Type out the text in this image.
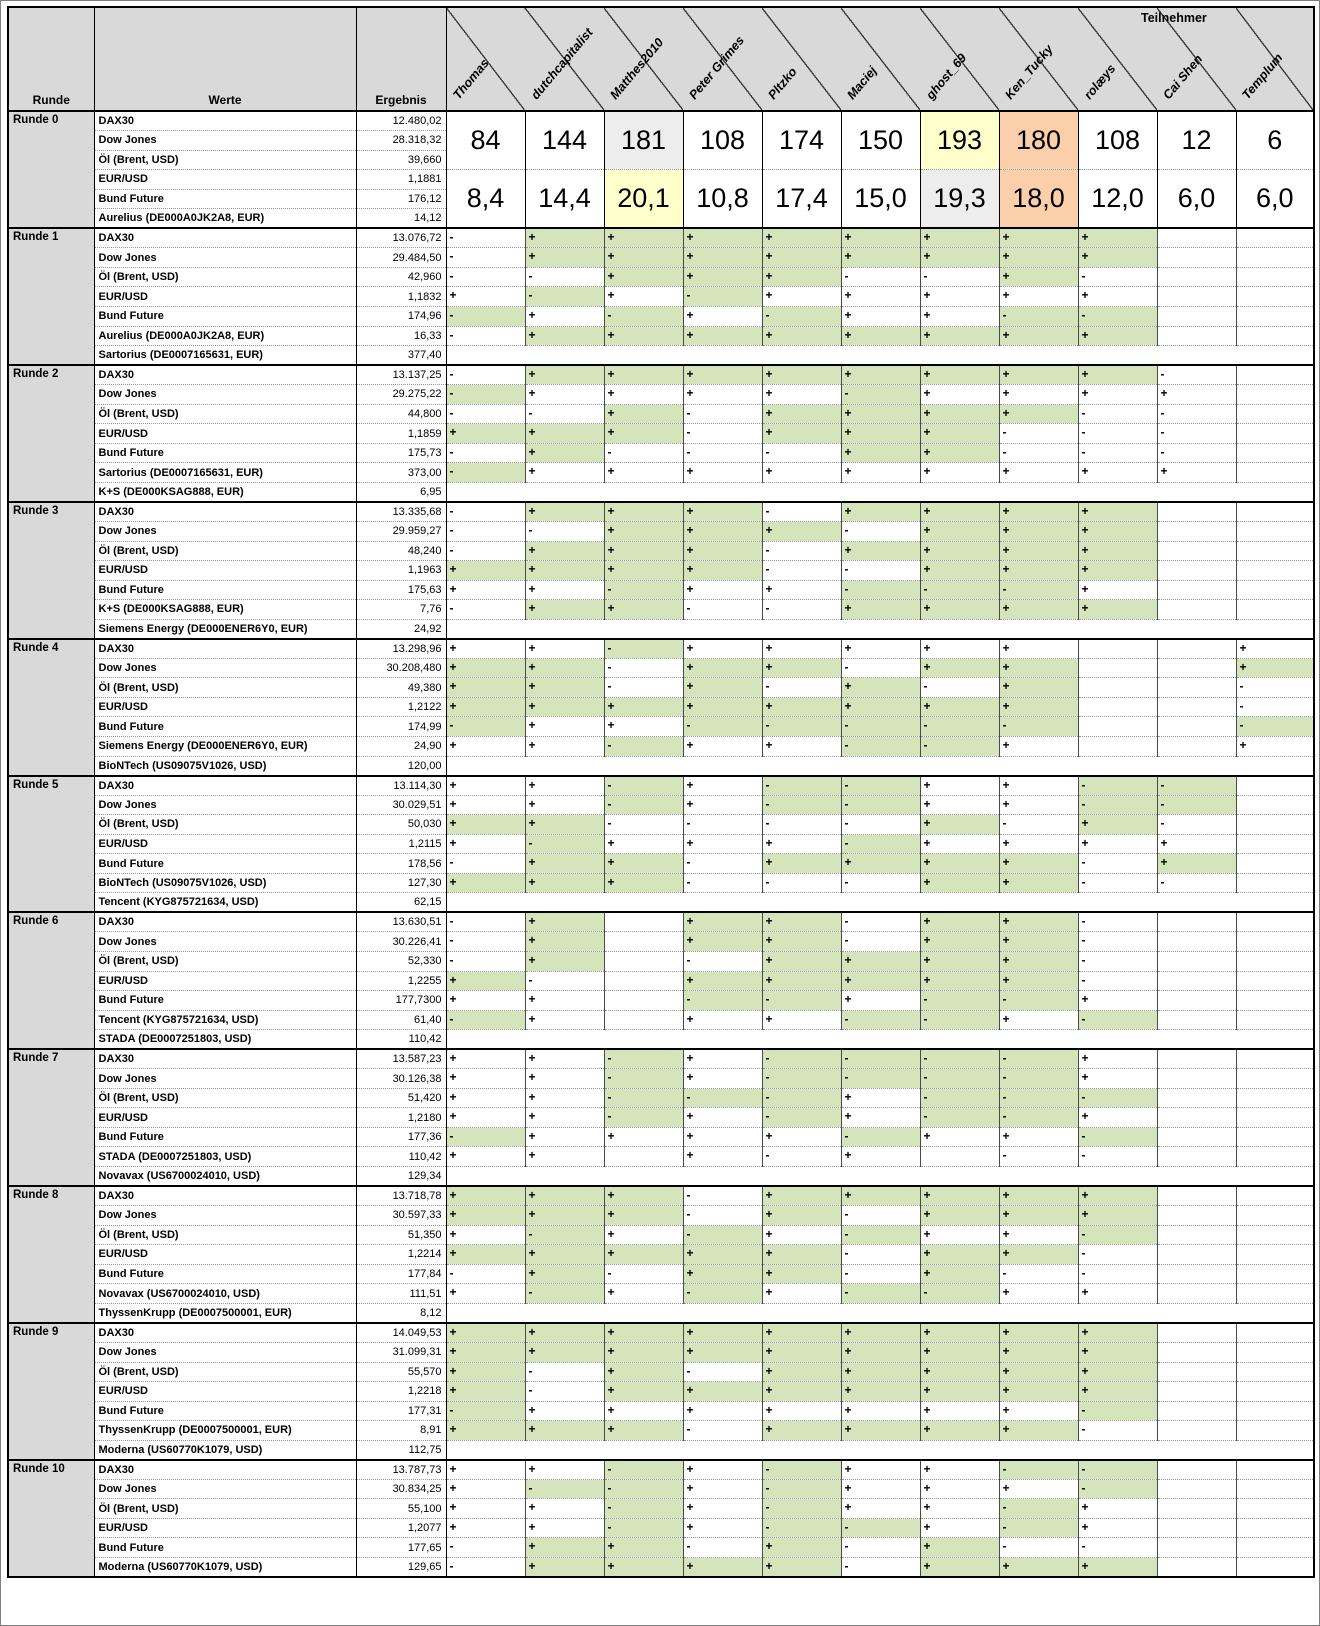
Runde	Werte	Ergebnis	Thomas	dutchcapitalist	Matthes2010	Peter Grimes	Pltzko	Maciej	ghost_69	Ken_Tucky	rolæys	Cai Shen	Templum

Runde 0	DAX30	12.480,02	84	144	181	108	174	150	193	180	108	12	6
	Dow Jones	28.318,32											
	Öl (Brent, USD)	39,660											
	EUR/USD	1,1881	8,4	14,4	20,1	10,8	17,4	15,0	19,3	18,0	12,0	6,0	6,0
	Bund Future	176,12											
	Aurelius (DE000A0JK2A8, EUR)	14,12											
Runde 1	DAX30	13.076,72	-	+	+	+	+	+	+	+	+		
	Dow Jones	29.484,50	-	+	+	+	+	+	+	+	+		
	Öl (Brent, USD)	42,960	-	-	+	+	+	-	-	+	-		
	EUR/USD	1,1832	+	-	+	-	+	+	+	+	+		
	Bund Future	174,96	-	+	-	+	-	+	+	-	-		
	Aurelius (DE000A0JK2A8, EUR)	16,33	-	+	+	+	+	+	+	+	+		
	Sartorius (DE0007165631, EUR)	377,40											
Runde 2	DAX30	13.137,25	-	+	+	+	+	+	+	+	+	-	
	Dow Jones	29.275,22	-	+	+	+	+	-	+	+	+	+	
	Öl (Brent, USD)	44,800	-	-	+	-	+	+	+	+	-	-	
	EUR/USD	1,1859	+	+	+	-	+	+	+	-	-	-	
	Bund Future	175,73	-	+	-	-	-	+	+	-	-	-	
	Sartorius (DE0007165631, EUR)	373,00	-	+	+	+	+	+	+	+	+	+	
	K+S (DE000KSAG888, EUR)	6,95											
Runde 3	DAX30	13.335,68	-	+	+	+	-	+	+	+	+		
	Dow Jones	29.959,27	-	-	+	+	+	-	+	+	+		
	Öl (Brent, USD)	48,240	-	+	+	+	-	+	+	+	+		
	EUR/USD	1,1963	+	+	+	+	-	-	+	+	+		
	Bund Future	175,63	+	+	-	+	+	-	-	-	+		
	K+S (DE000KSAG888, EUR)	7,76	-	+	+	-	-	+	+	+	+		
	Siemens Energy (DE000ENER6Y0, EUR)	24,92											
Runde 4	DAX30	13.298,96	+	+	-	+	+	+	+	+			+
	Dow Jones	30.208,480	+	+	-	+	+	-	+	+			+
	Öl (Brent, USD)	49,380	+	+	-	+	-	+	-	+			-
	EUR/USD	1,2122	+	+	+	+	+	+	+	+			-
	Bund Future	174,99	-	+	+	-	-	-	-	-			-
	Siemens Energy (DE000ENER6Y0, EUR)	24,90	+	+	-	+	+	-	-	+			+
	BioNTech (US09075V1026, USD)	120,00											
Runde 5	DAX30	13.114,30	+	+	-	+	-	-	+	+	-	-	
	Dow Jones	30.029,51	+	+	-	+	-	-	+	+	-	-	
	Öl (Brent, USD)	50,030	+	+	-	-	-	-	+	-	+	-	
	EUR/USD	1,2115	+	-	+	+	+	-	+	+	+	+	
	Bund Future	178,56	-	+	+	-	+	+	+	+	-	+	
	BioNTech (US09075V1026, USD)	127,30	+	+	+	-	-	-	+	+	-	-	
	Tencent (KYG875721634, USD)	62,15											
Runde 6	DAX30	13.630,51	-	+		+	+	-	+	+	-		
	Dow Jones	30.226,41	-	+		+	+	-	+	+	-		
	Öl (Brent, USD)	52,330	-	+		-	+	+	+	+	-		
	EUR/USD	1,2255	+	-		+	+	+	+	+	-		
	Bund Future	177,7300	+	+		-	-	+	-	-	+		
	Tencent (KYG875721634, USD)	61,40	-	+		+	+	-	-	+	-		
	STADA (DE0007251803, USD)	110,42											
Runde 7	DAX30	13.587,23	+	+	-	+	-	-	-	-	+		
	Dow Jones	30.126,38	+	+	-	+	-	-	-	-	+		
	Öl (Brent, USD)	51,420	+	+	-	-	-	+	-	-	-		
	EUR/USD	1,2180	+	+	-	+	-	+	-	-	+		
	Bund Future	177,36	-	+	+	+	+	-	+	+	-		
	STADA (DE0007251803, USD)	110,42	+	+		+	-	+		-	-		
	Novavax (US6700024010, USD)	129,34											
Runde 8	DAX30	13.718,78	+	+	+	-	+	+	+	+	+		
	Dow Jones	30.597,33	+	+	+	-	+	-	+	+	+		
	Öl (Brent, USD)	51,350	+	-	+	-	+	-	+	+	-		
	EUR/USD	1,2214	+	+	+	+	+	-	+	+	-		
	Bund Future	177,84	-	+	-	+	+	-	+	-	-		
	Novavax (US6700024010, USD)	111,51	+	-	+	-	+	-	-	+	+		
	ThyssenKrupp (DE0007500001, EUR)	8,12											
Runde 9	DAX30	14.049,53	+	+	+	+	+	+	+	+	+		
	Dow Jones	31.099,31	+	+	+	+	+	+	+	+	+		
	Öl (Brent, USD)	55,570	+	-	+	-	+	+	+	+	+		
	EUR/USD	1,2218	+	-	+	+	+	+	+	+	+		
	Bund Future	177,31	-	+	+	+	+	+	+	+	-		
	ThyssenKrupp (DE0007500001, EUR)	8,91	+	+	+	-	+	+	+	+	-		
	Moderna (US60770K1079, USD)	112,75											
Runde 10	DAX30	13.787,73	+	+	-	+	-	+	+	-	-		
	Dow Jones	30.834,25	+	-	-	+	-	+	+	+	-		
	Öl (Brent, USD)	55,100	+	+	-	+	-	+	+	-	+		
	EUR/USD	1,2077	+	+	-	+	-	-	+	-	+		
	Bund Future	177,65	-	+	+	-	+	-	+	-	-		
	Moderna (US60770K1079, USD)	129,65	-	+	+	+	+	-	+	+	+		
Teilnehmer
